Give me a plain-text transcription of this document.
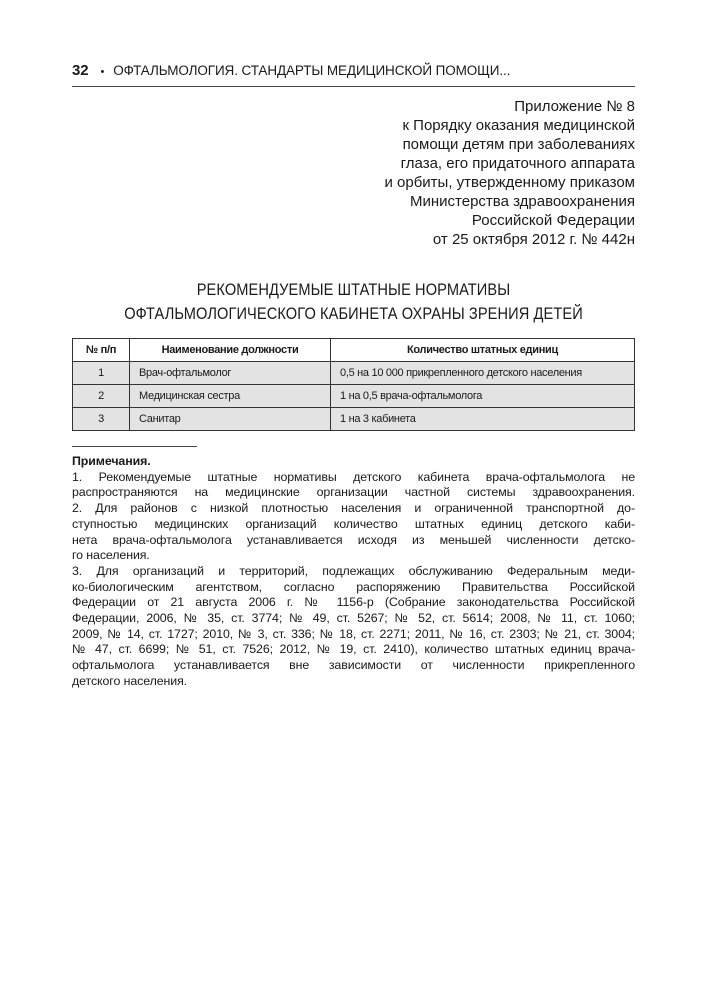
32 • ОФТАЛЬМОЛОГИЯ. СТАНДАРТЫ МЕДИЦИНСКОЙ ПОМОЩИ...
Приложение № 8
к Порядку оказания медицинской
помощи детям при заболеваниях
глаза, его придаточного аппарата
и орбиты, утвержденному приказом
Министерства здравоохранения
Российской Федерации
от 25 октября 2012 г. № 442н
РЕКОМЕНДУЕМЫЕ ШТАТНЫЕ НОРМАТИВЫ
ОФТАЛЬМОЛОГИЧЕСКОГО КАБИНЕТА ОХРАНЫ ЗРЕНИЯ ДЕТЕЙ
№ п/п	Наименование должности	Количество штатных единиц
1	Врач-офтальмолог	0,5 на 10 000 прикрепленного детского населения
2	Медицинская сестра	1 на 0,5 врача-офтальмолога
3	Санитар	1 на 3 кабинета
Примечания.
1. Рекомендуемые штатные нормативы детского кабинета врача-офтальмолога не
распространяются на медицинские организации частной системы здравоохранения.
2. Для районов с низкой плотностью населения и ограниченной транспортной до-
ступностью медицинских организаций количество штатных единиц детского каби-
нета врача-офтальмолога устанавливается исходя из меньшей численности детско-
го населения.
3. Для организаций и территорий, подлежащих обслуживанию Федеральным меди-
ко-биологическим агентством, согласно распоряжению Правительства Российской
Федерации от 21 августа 2006 г. № 1156-р (Собрание законодательства Российской
Федерации, 2006, № 35, ст. 3774; № 49, ст. 5267; № 52, ст. 5614; 2008, № 11, ст. 1060;
2009, № 14, ст. 1727; 2010, № 3, ст. 336; № 18, ст. 2271; 2011, № 16, ст. 2303; № 21, ст. 3004;
№ 47, ст. 6699; № 51, ст. 7526; 2012, № 19, ст. 2410), количество штатных единиц врача-
офтальмолога устанавливается вне зависимости от численности прикрепленного
детского населения.
